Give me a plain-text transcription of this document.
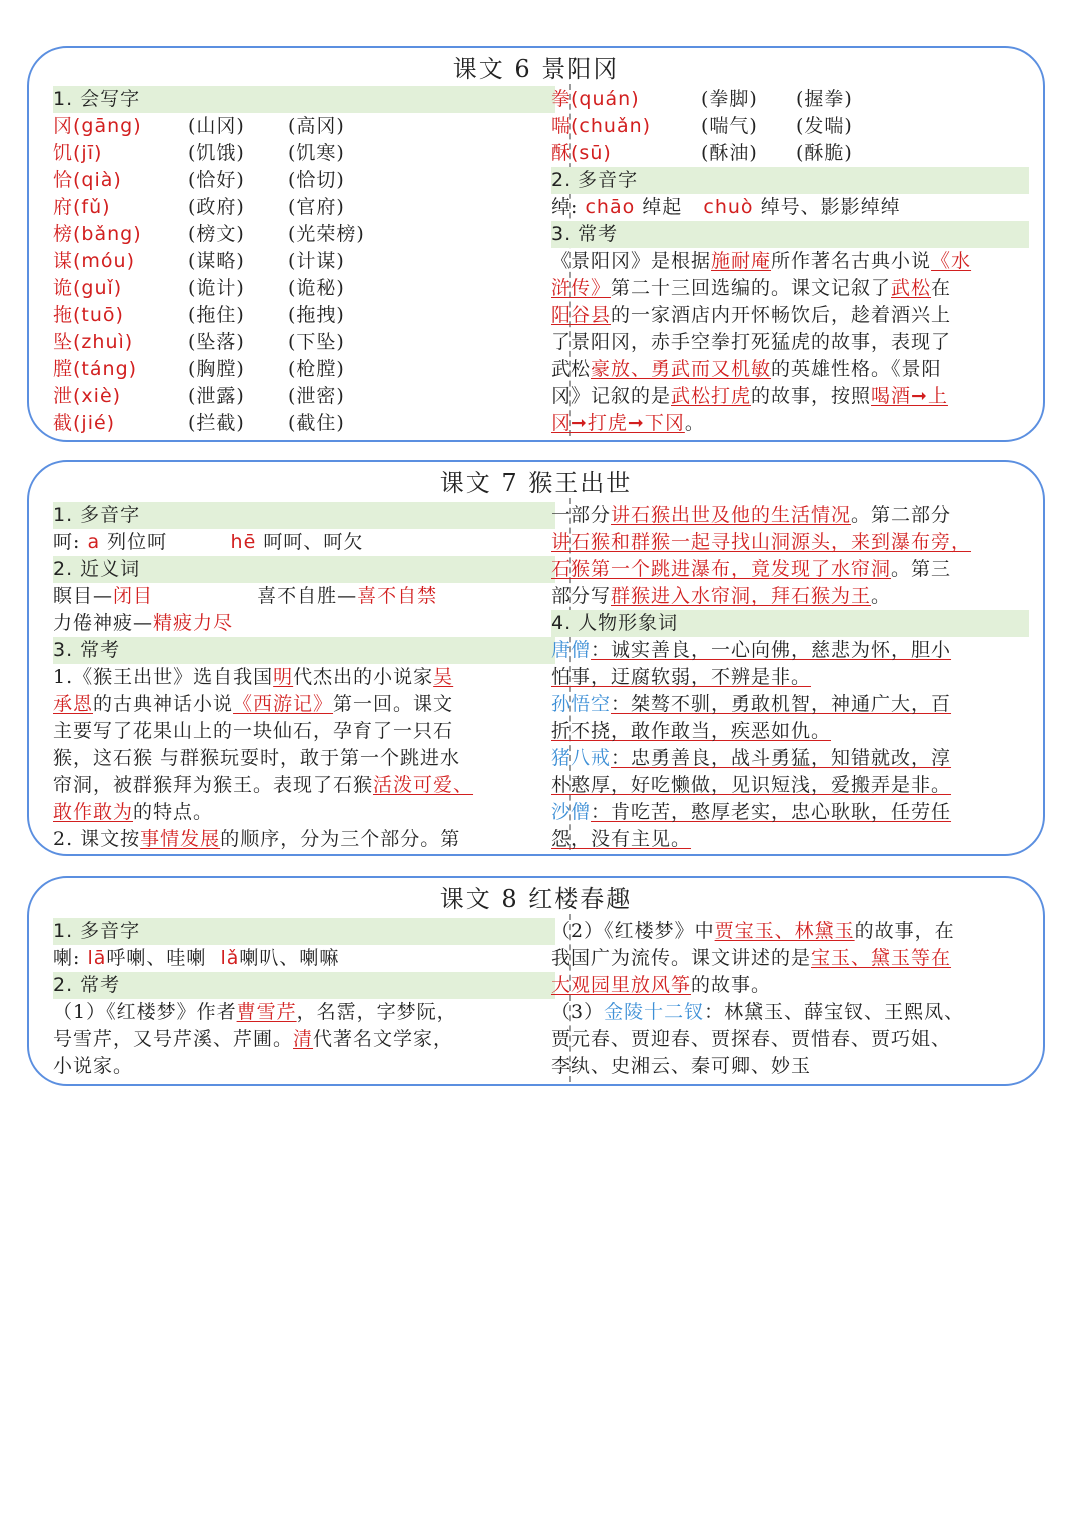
课文 6 景阳冈
1. 会写字
冈(gāng) (山冈) (高冈)
饥(jī)	(饥饿) (饥寒)
恰(qià)	(恰好) (恰切)
府(fǔ)	(政府) (官府)
榜(bǎng) (榜文) (光荣榜)
谋(móu)	(谋略) (计谋)
诡(guǐ)	(诡计) (诡秘)
拖(tuō)	(拖住) (拖拽)
坠(zhuì)	(坠落) (下坠)
膛(táng)	(胸膛) (枪膛)
泄(xiè)	(泄露) (泄密)
截(jié)	(拦截) (截住)
拳(quán)	(拳脚) (握拳)
喘(chuǎn)	(喘气) (发喘)
酥(sū)	(酥油) (酥脆)
2. 多音字
绰: chāo 绰起 chuò 绰号、影影绰绰
3. 常考
《景阳冈》是根据施耐庵所作著名古典小说《水
浒传》第二十三回选编的。课文记叙了武松在
阳谷县的一家酒店内开怀畅饮后，趁着酒兴上
了景阳冈，赤手空拳打死猛虎的故事，表现了
武松豪放、勇武而又机敏的英雄性格。《景阳
冈》记叙的是武松打虎的故事，按照喝酒➞上
冈➞打虎➞下冈。
课文 7 猴王出世
1. 多音字
呵: a 列位呵	hē 呵呵、呵欠
2. 近义词
瞑目—闭目	喜不自胜—喜不自禁
力倦神疲—精疲力尽
3. 常考
1.《猴王出世》选自我国明代杰出的小说家吴
承恩的古典神话小说《西游记》第一回。课文
主要写了花果山上的一块仙石，孕育了一只石
猴，这石猴 与群猴玩耍时，敢于第一个跳进水
帘洞，被群猴拜为猴王。表现了石猴活泼可爱、
敢作敢为的特点。
2. 课文按事情发展的顺序，分为三个部分。第
一部分讲石猴出世及他的生活情况。第二部分
讲石猴和群猴一起寻找山洞源头，来到瀑布旁，
石猴第一个跳进瀑布，竟发现了水帘洞。第三
部分写群猴进入水帘洞，拜石猴为王。
4. 人物形象词
唐僧：诚实善良，一心向佛，慈悲为怀，胆小
怕事，迂腐软弱，不辨是非。
孙悟空：桀骜不驯，勇敢机智，神通广大，百
折不挠，敢作敢当，疾恶如仇。
猪八戒：忠勇善良，战斗勇猛，知错就改，淳
朴憨厚，好吃懒做，见识短浅，爱搬弄是非。
沙僧：肯吃苦，憨厚老实，忠心耿耿，任劳任
怨，没有主见。
课文 8 红楼春趣
1. 多音字
喇: lā呼喇、哇喇 lǎ喇叭、喇嘛
2. 常考
（1）《红楼梦》作者曹雪芹，名霑，字梦阮，
号雪芹，又号芹溪、芹圃。清代著名文学家，
小说家。
（2）《红楼梦》中贾宝玉、林黛玉的故事，在
我国广为流传。课文讲述的是宝玉、黛玉等在
大观园里放风筝的故事。
（3）金陵十二钗：林黛玉、薛宝钗、王熙凤、
贾元春、贾迎春、贾探春、贾惜春、贾巧姐、
李纨、史湘云、秦可卿、妙玉
